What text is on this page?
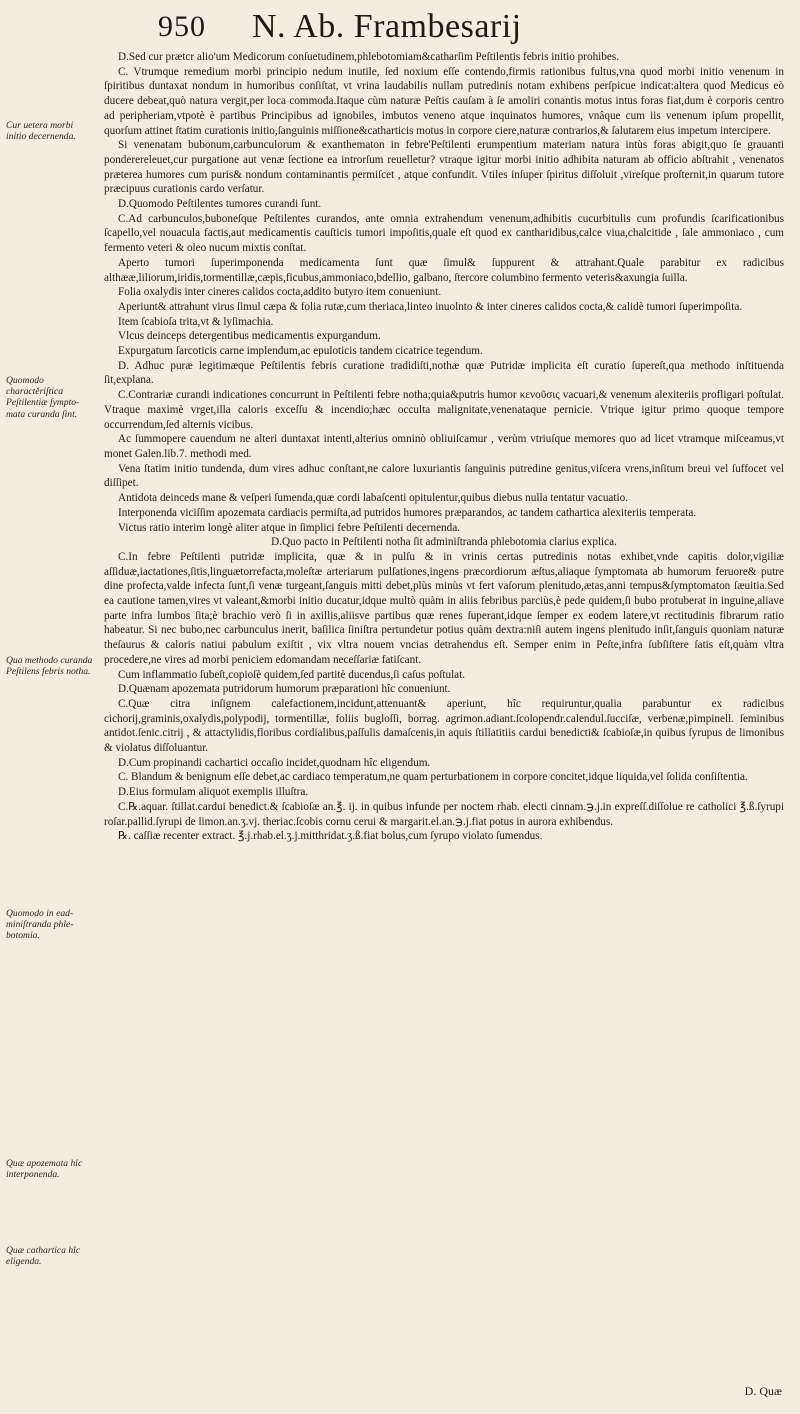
950 N. Ab. Frambesarij
Cur uetera morbi initio decernenda.
Quomodo charactěriſtica Peſtilentiæ ſympto-mata curanda ſint.
Qua methodo curanda Peſtilens febris notha.
Quomodo in ead-miniſtranda phle-botomia.
Quæ apozemata hîc interponenda.
Quæ cathartica hîc eligenda.

D.Sed cur prætcr alio'um Medicorum conſuetudinem,phlebotomiam&catharſim Peſtilentis febris initio prohibes.

C. Vtrumque remedium morbi principio nedum inutile, ſed noxium eſſe contendo,firmis rationibus fultus,vna quod morbi initio venenum in ſpiritibus duntaxat nondum in humoribus conſiſtat, vt vrina laudabilis nullam putredinis notam exhibens perſpicue indicat:altera quod Medicus eò ducere debeat,quò natura vergit,per loca commoda.Itaque cùm naturæ Peſtis cauſam à ſe amoliri conantis motus intus foras fiat,dum è corporis centro ad peripheriam,vtpotè è partibus Principibus ad ignobiles, imbutos veneno atque inquinatos humores, vnâque cum iis venenum ipſum propellit, quorſum attinet ſtatim curationis initio,ſanguinis miſſione&catharticis motus in corpore ciere,naturæ contrarios,& ſalutarem eius impetum intercipere.

Si venenatam bubonum,carbunculorum & exanthematon in febre'Peſtilenti erumpentium materiam natura intùs foras abigit,quo ſe grauanti ponderereleuet,cur purgatione aut venæ ſectione ea introrſum reuelletur? vtraque igitur morbi initio adhibita naturam ab officio abſtrahit , venenatos præterea humores cum puris& nondum contaminantis permiſcet , atque confundit. Vtiles inſuper ſpiritus diſſoluit ,vireſque proſternit,in quarum tutore præcipuus curationis cardo verſatur.

D.Quomodo Peſtilentes tumores curandi ſunt.

C.Ad carbunculos,buboneſque Peſtilentes curandos, ante omnia extrahendum venenum,adhibitis cucurbitulis cum profundis ſcarificationibus ſcapello,vel nouacula factis,aut medicamentis cauſticis tumori impoſitis,quale eſt quod ex cantharidibus,calce viua,chalcitide , ſale ammoniaco , cum fermento veteri & oleo nucum mixtis conſtat.

Aperto tumori ſuperimponenda medicamenta ſunt quæ ſimul& ſuppurent & attrahant.Quale parabitur ex radicibus althææ,liliorum,iridis,tormentillæ,cæpis,ficubus,ammoniaco,bdellio, galbano, ſtercore columbino fermento veteris&axungia ſuilla.

Folia oxalydis inter cineres calidos cocta,addito butyro item conueniunt.

Aperiunt& attrahunt virus ſimul cæpa & folia rutæ,cum theriaca,linteo inuolnto & inter cineres calidos cocta,& calidè tumori ſuperimpoſita.

Item ſcabioſa trita,vt & lyſimachia.

Vlcus deinceps detergentibus medicamentis expurgandum.

Expurgatum ſarcoticis carne implendum,ac epuloticis tandem cicatrice tegendum.

D. Adhuc puræ legitimæque Peſtilentis febris curatione tradidiſti,nothæ quæ Putridæ implicita eſt curatio ſupereſt,qua methodo inſtituenda ſit,explana.

C.Contrariæ curandi indicationes concurrunt in Peſtilenti febre notha;quia&putris humor κενοῦσις vacuari,& venenum alexiteriis profligari poſtulat. Vtraque maximè vrget,illa caloris exceſſu & incendio;hæc occulta malignitate,venenataque pernicie. Vtrique igitur primo quoque tempore occurrendum,ſed alternis vicibus.

Ac ſummopere cauendum ne alteri duntaxat intenti,alterius omninò obliuiſcamur , verùm vtriuſque memores quo ad licet vtramque miſceamus,vt monet Galen.lib.7. methodi med.

Vena ſtatim initio tundenda, dum vires adhuc conſtant,ne calore luxuriantis ſanguinis putredine genitus,viſcera vrens,inſitum breui vel ſuffocet vel diſſipet.

Antidota deinceds mane & veſperi ſumenda,quæ cordi labaſcenti opitulentur,quibus diebus nulla tentatur vacuatio.

Interponenda viciſſim apozemata cardiacis permiſta,ad putridos humores præparandos, ac tandem cathartica alexiteriis temperata.

Victus ratio interim longè aliter atque in ſimplici febre Peſtilenti decernenda.

D.Quo pacto in Peſtilenti notha ſit adminiſtranda phlebotomia clarius explica.

C.In febre Peſtilenti putridæ implicita, quæ & in pulſu & in vrinis certas putredinis notas exhibet,vnde capitis dolor,vigiliæ aſſiduæ,iactationes,ſitis,linguætorrefacta,moleſtæ arteriarum pulſationes,ingens præcordiorum æſtus,aliaque ſymptomata ab humorum feruore& putre dine profecta,valde infecta ſunt,ſi venæ turgeant,ſanguis mitti debet,plùs minùs vt fert vaſorum plenitudo,ætas,anni tempus&ſymptomaton ſæuitia.Sed ea cautione tamen,vires vt valeant,&morbi initio ducatur,idque multò quàm in aliis febribus parciùs,è pede quidem,ſi bubo protuberat in inguine,aliave parte infra lumbos ſita;è brachio verò ſi in axillis,aliisve partibus quæ renes ſuperant,idque ſemper ex eodem latere,vt rectitudinis fibrarum ratio habeatur. Si nec bubo,nec carbunculus inerit, baſilica ſiniſtra pertundetur potius quàm dextra:niſi autem ingens plenitudo inſit,ſanguis quoniam naturæ theſaurus & caloris natiui pabulum exiſtit , vix vltra nouem vncias detrahendus eſt. Semper enim in Peſte,infra ſubſiſtere ſatis eſt,quàm vltra procedere,ne vires ad morbi peniciem edomandam neceſſariæ fatiſcant.

Cum inflammatio ſubeſt,copioſè quidem,ſed partitè ducendus,ſi caſus poſtulat.

D.Quænam apozemata putridorum humorum præparationi hîc conueniunt.

C.Quæ citra inſignem calefactionem,incidunt,attenuant& aperiunt, hîc requiruntur,qualia parabuntur ex radicibus cichorij,graminis,oxalydis,polypodij, tormentillæ, foliis bugloſſi, borrag. agrimon.adiant.ſcolopendr.calendul.ſucciſæ, verbenæ,pimpinell. ſeminibus antidot.ſenic.citrij , & attactylidis,floribus cordialibus,paſſulis damaſcenis,in aquis ſtillatitiis cardui benedicti& ſcabioſæ,in quibus ſyrupus de limonibus & violatus diſſoluantur.

D.Cum propinandi cachartici occaſio incidet,quodnam hîc eligendum.

C. Blandum & benignum eſſe debet,ac cardiaco temperatum,ne quam perturbationem in corpore concitet,idque liquida,vel ſolida conſiſtentia.

D.Eius formulam aliquot exemplis illuſtra.

C.℞.aquar. ſtillat.cardui benedict.& ſcabioſæ an.℥. ij. in quibus infunde per noctem rhab. electi cinnam.℈.j.in expreſſ.diſſolue re catholici ℥.ß.ſyrupi roſar.pallid.ſyrupi de limon.an.ʒ.vj. theriac.ſcobis cornu cerui & margarit.el.an.℈.j.fiat potus in aurora exhibendus.

℞. caſſiæ recenter extract. ℥.j.rhab.el.ʒ.j.mitthridat.ʒ.ß.fiat bolus,cum ſyrupo violato ſumendus.

D. Quæ
